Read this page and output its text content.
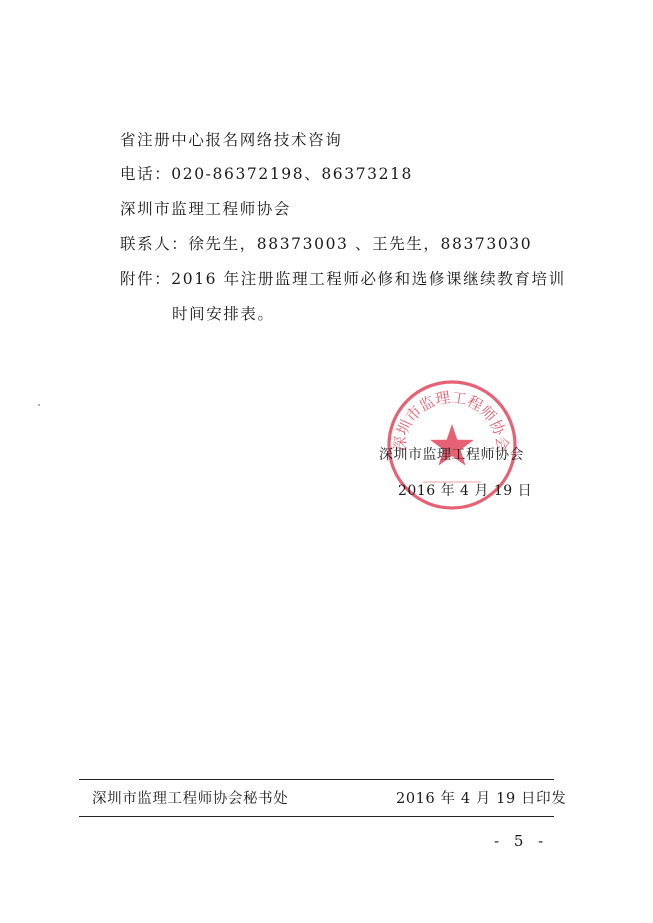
省注册中心报名网络技术咨询
电话：020-86372198、86373218
深圳市监理工程师协会
联系人：徐先生，88373003 、王先生，88373030
附件：2016 年注册监理工程师必修和选修课继续教育培训
时间安排表。
深圳市监理工程师协会
深圳市监理工程师协会
2016 年 4 月 19 日
深圳市监理工程师协会秘书处	2016 年 4 月 19 日印发
- 5 -
